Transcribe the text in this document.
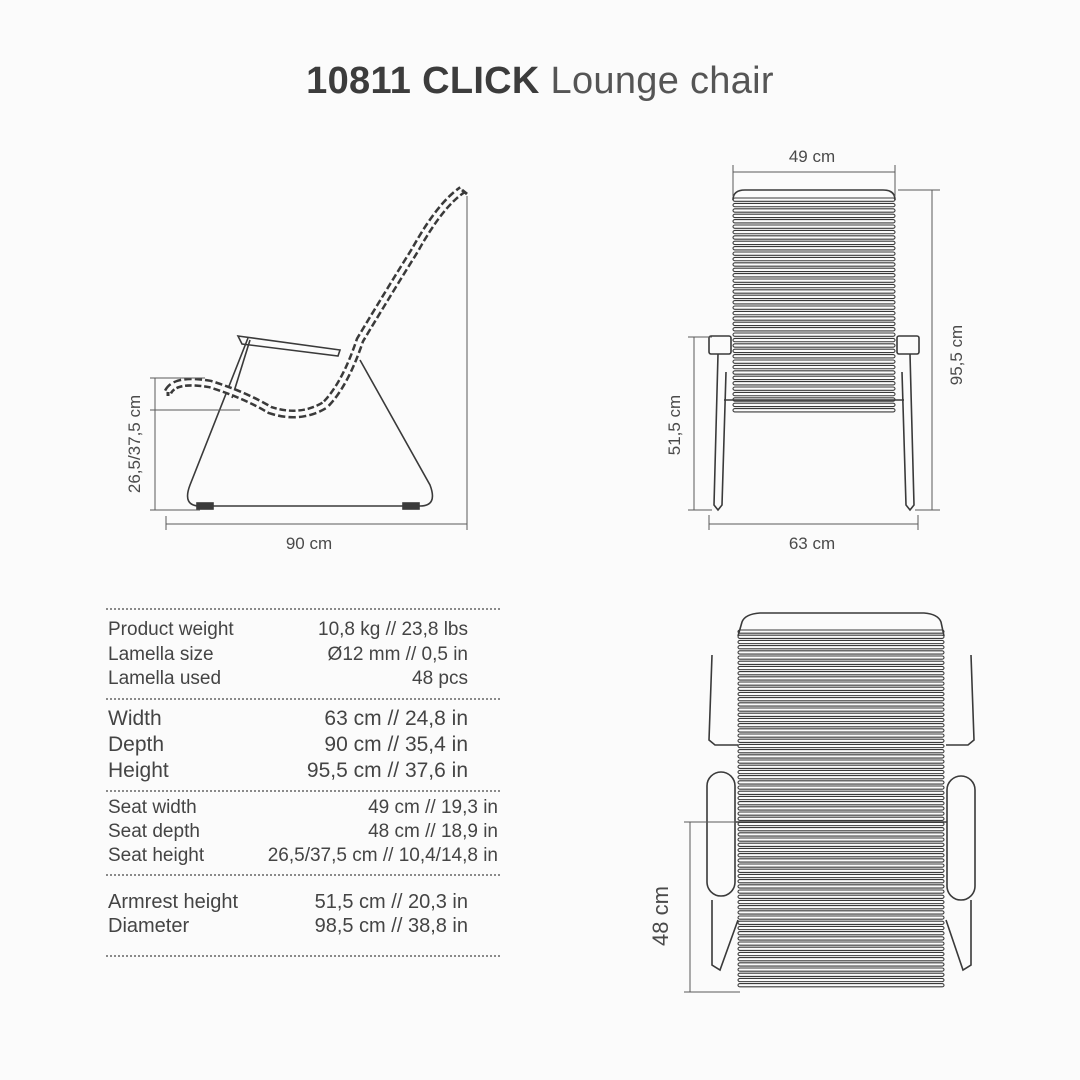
10811 CLICK Lounge chair
90 cm
26,5/37,5 cm
49 cm
63 cm
95,5 cm
51,5 cm
48 cm
Product weight	10,8 kg // 23,8 lbs
Lamella size	Ø12 mm // 0,5 in
Lamella used	48 pcs
Width	63 cm // 24,8 in
Depth	90 cm // 35,4 in
Height	95,5 cm // 37,6 in
Seat width	49 cm // 19,3 in
Seat depth	48 cm // 18,9 in
Seat height	26,5/37,5 cm // 10,4/14,8 in
Armrest height	51,5 cm // 20,3 in
Diameter	98,5 cm // 38,8 in
